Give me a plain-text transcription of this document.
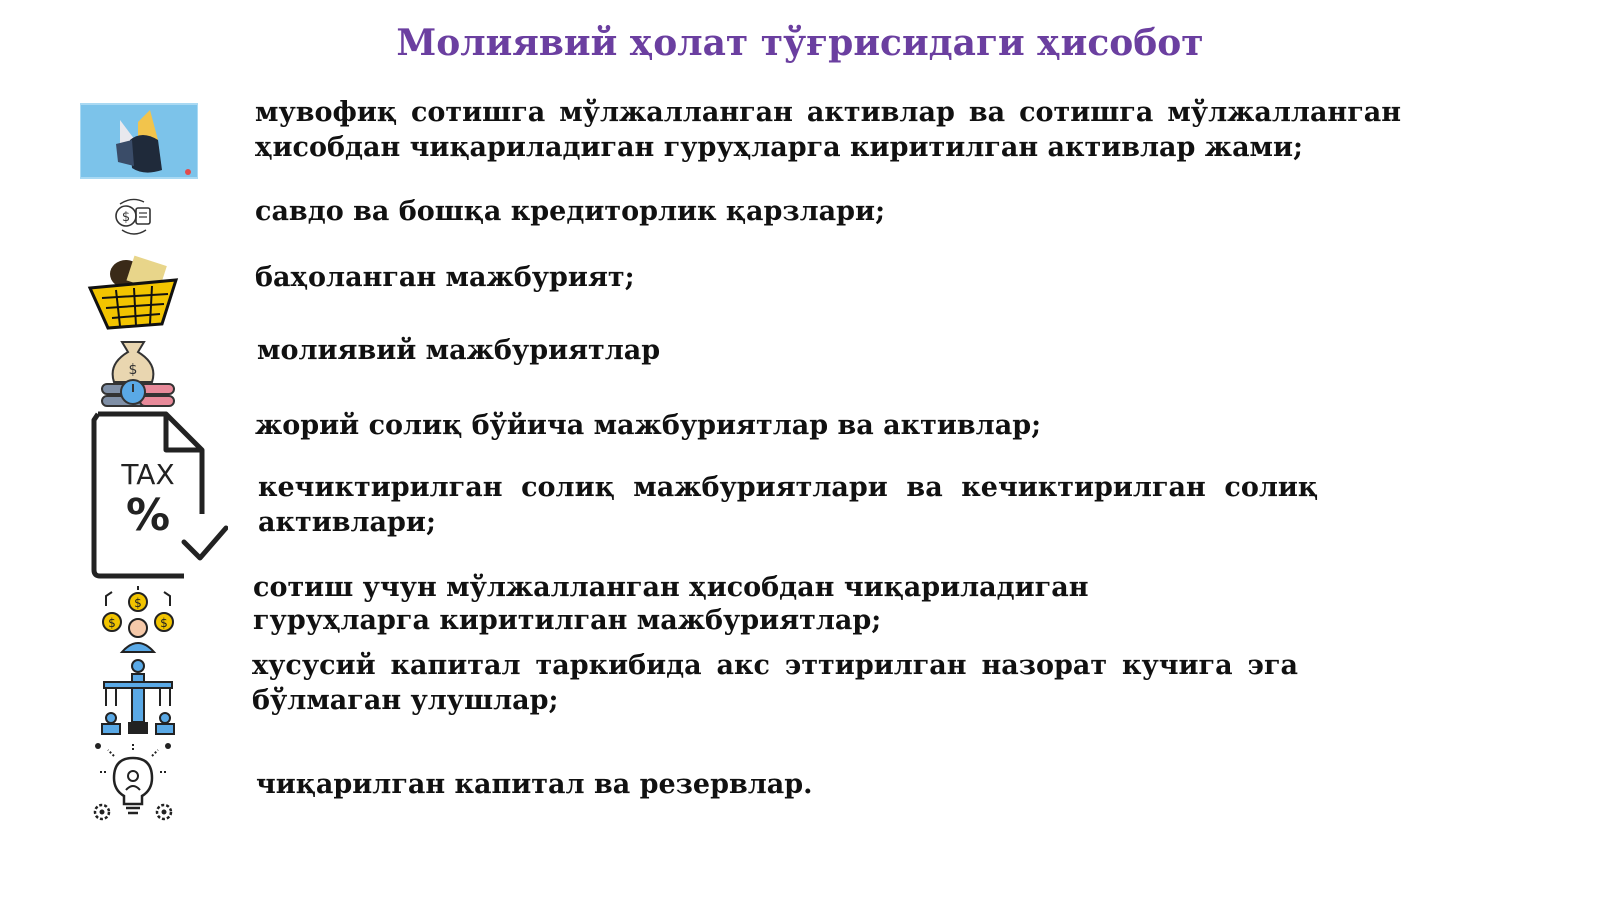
Молиявий ҳолат тўғрисидаги ҳисобот
$
$
TAX
%
$
$
$
мувофиқ сотишга мўлжалланган активлар ва сотишга мўлжалланган ҳисобдан чиқариладиган гуруҳларга киритилган активлар жами;
савдо ва бошқа кредиторлик қарзлари;
баҳоланган мажбурият;
молиявий мажбуриятлар
жорий солиқ бўйича мажбуриятлар ва активлар;
кечиктирилган солиқ мажбуриятлари ва кечиктирилган солиқ активлари;
сотиш учун мўлжалланган ҳисобдан чиқариладиган гуруҳларга киритилган мажбуриятлар;
хусусий капитал таркибида акс эттирилган назорат кучига эга бўлмаган улушлар;
чиқарилган капитал ва резервлар.
